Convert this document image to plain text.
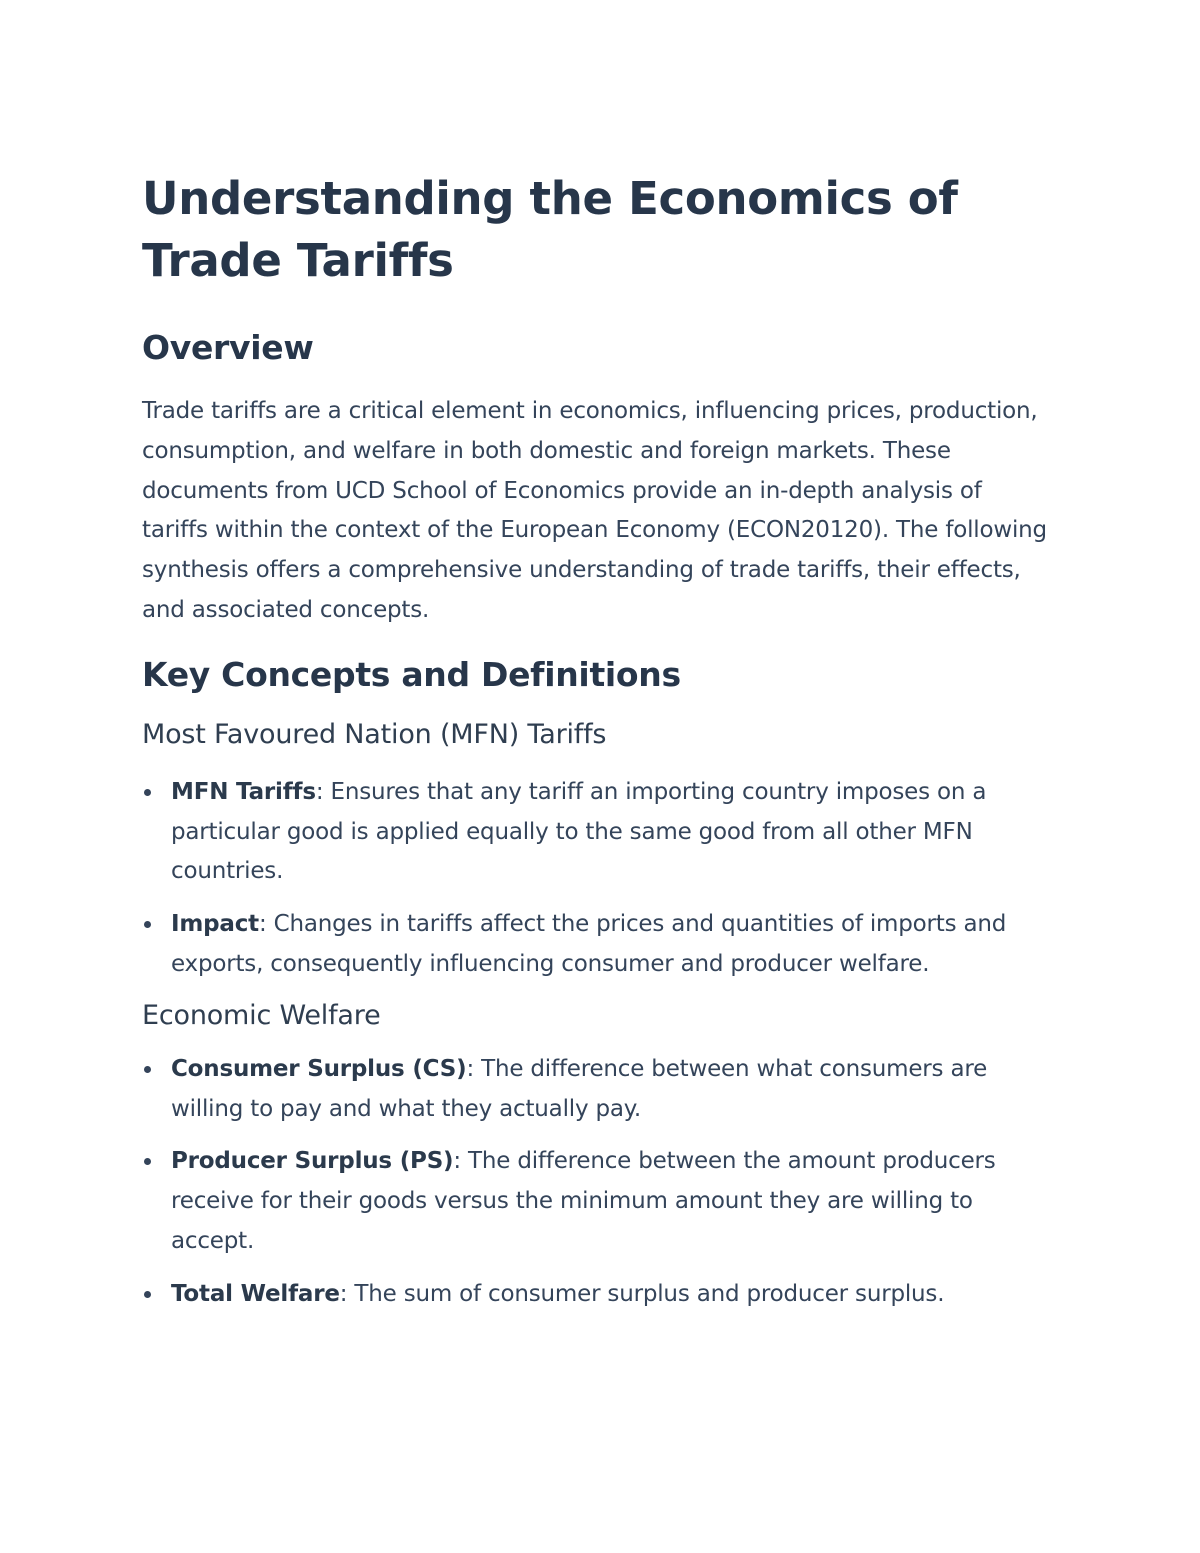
Understanding the Economics of Trade Tariffs
Overview

Trade tariffs are a critical element in economics, influencing prices, production, consumption, and welfare in both domestic and foreign markets. These documents from UCD School of Economics provide an in-depth analysis of tariffs within the context of the European Economy (ECON20120). The following synthesis offers a comprehensive understanding of trade tariffs, their effects, and associated concepts.

Key Concepts and Definitions
Most Favoured Nation (MFN) Tariffs
MFN Tariffs: Ensures that any tariff an importing country imposes on a particular good is applied equally to the same good from all other MFN countries.
Impact: Changes in tariffs affect the prices and quantities of imports and exports, consequently influencing consumer and producer welfare.
Economic Welfare
Consumer Surplus (CS): The difference between what consumers are willing to pay and what they actually pay.
Producer Surplus (PS): The difference between the amount producers receive for their goods versus the minimum amount they are willing to accept.
Total Welfare: The sum of consumer surplus and producer surplus.
